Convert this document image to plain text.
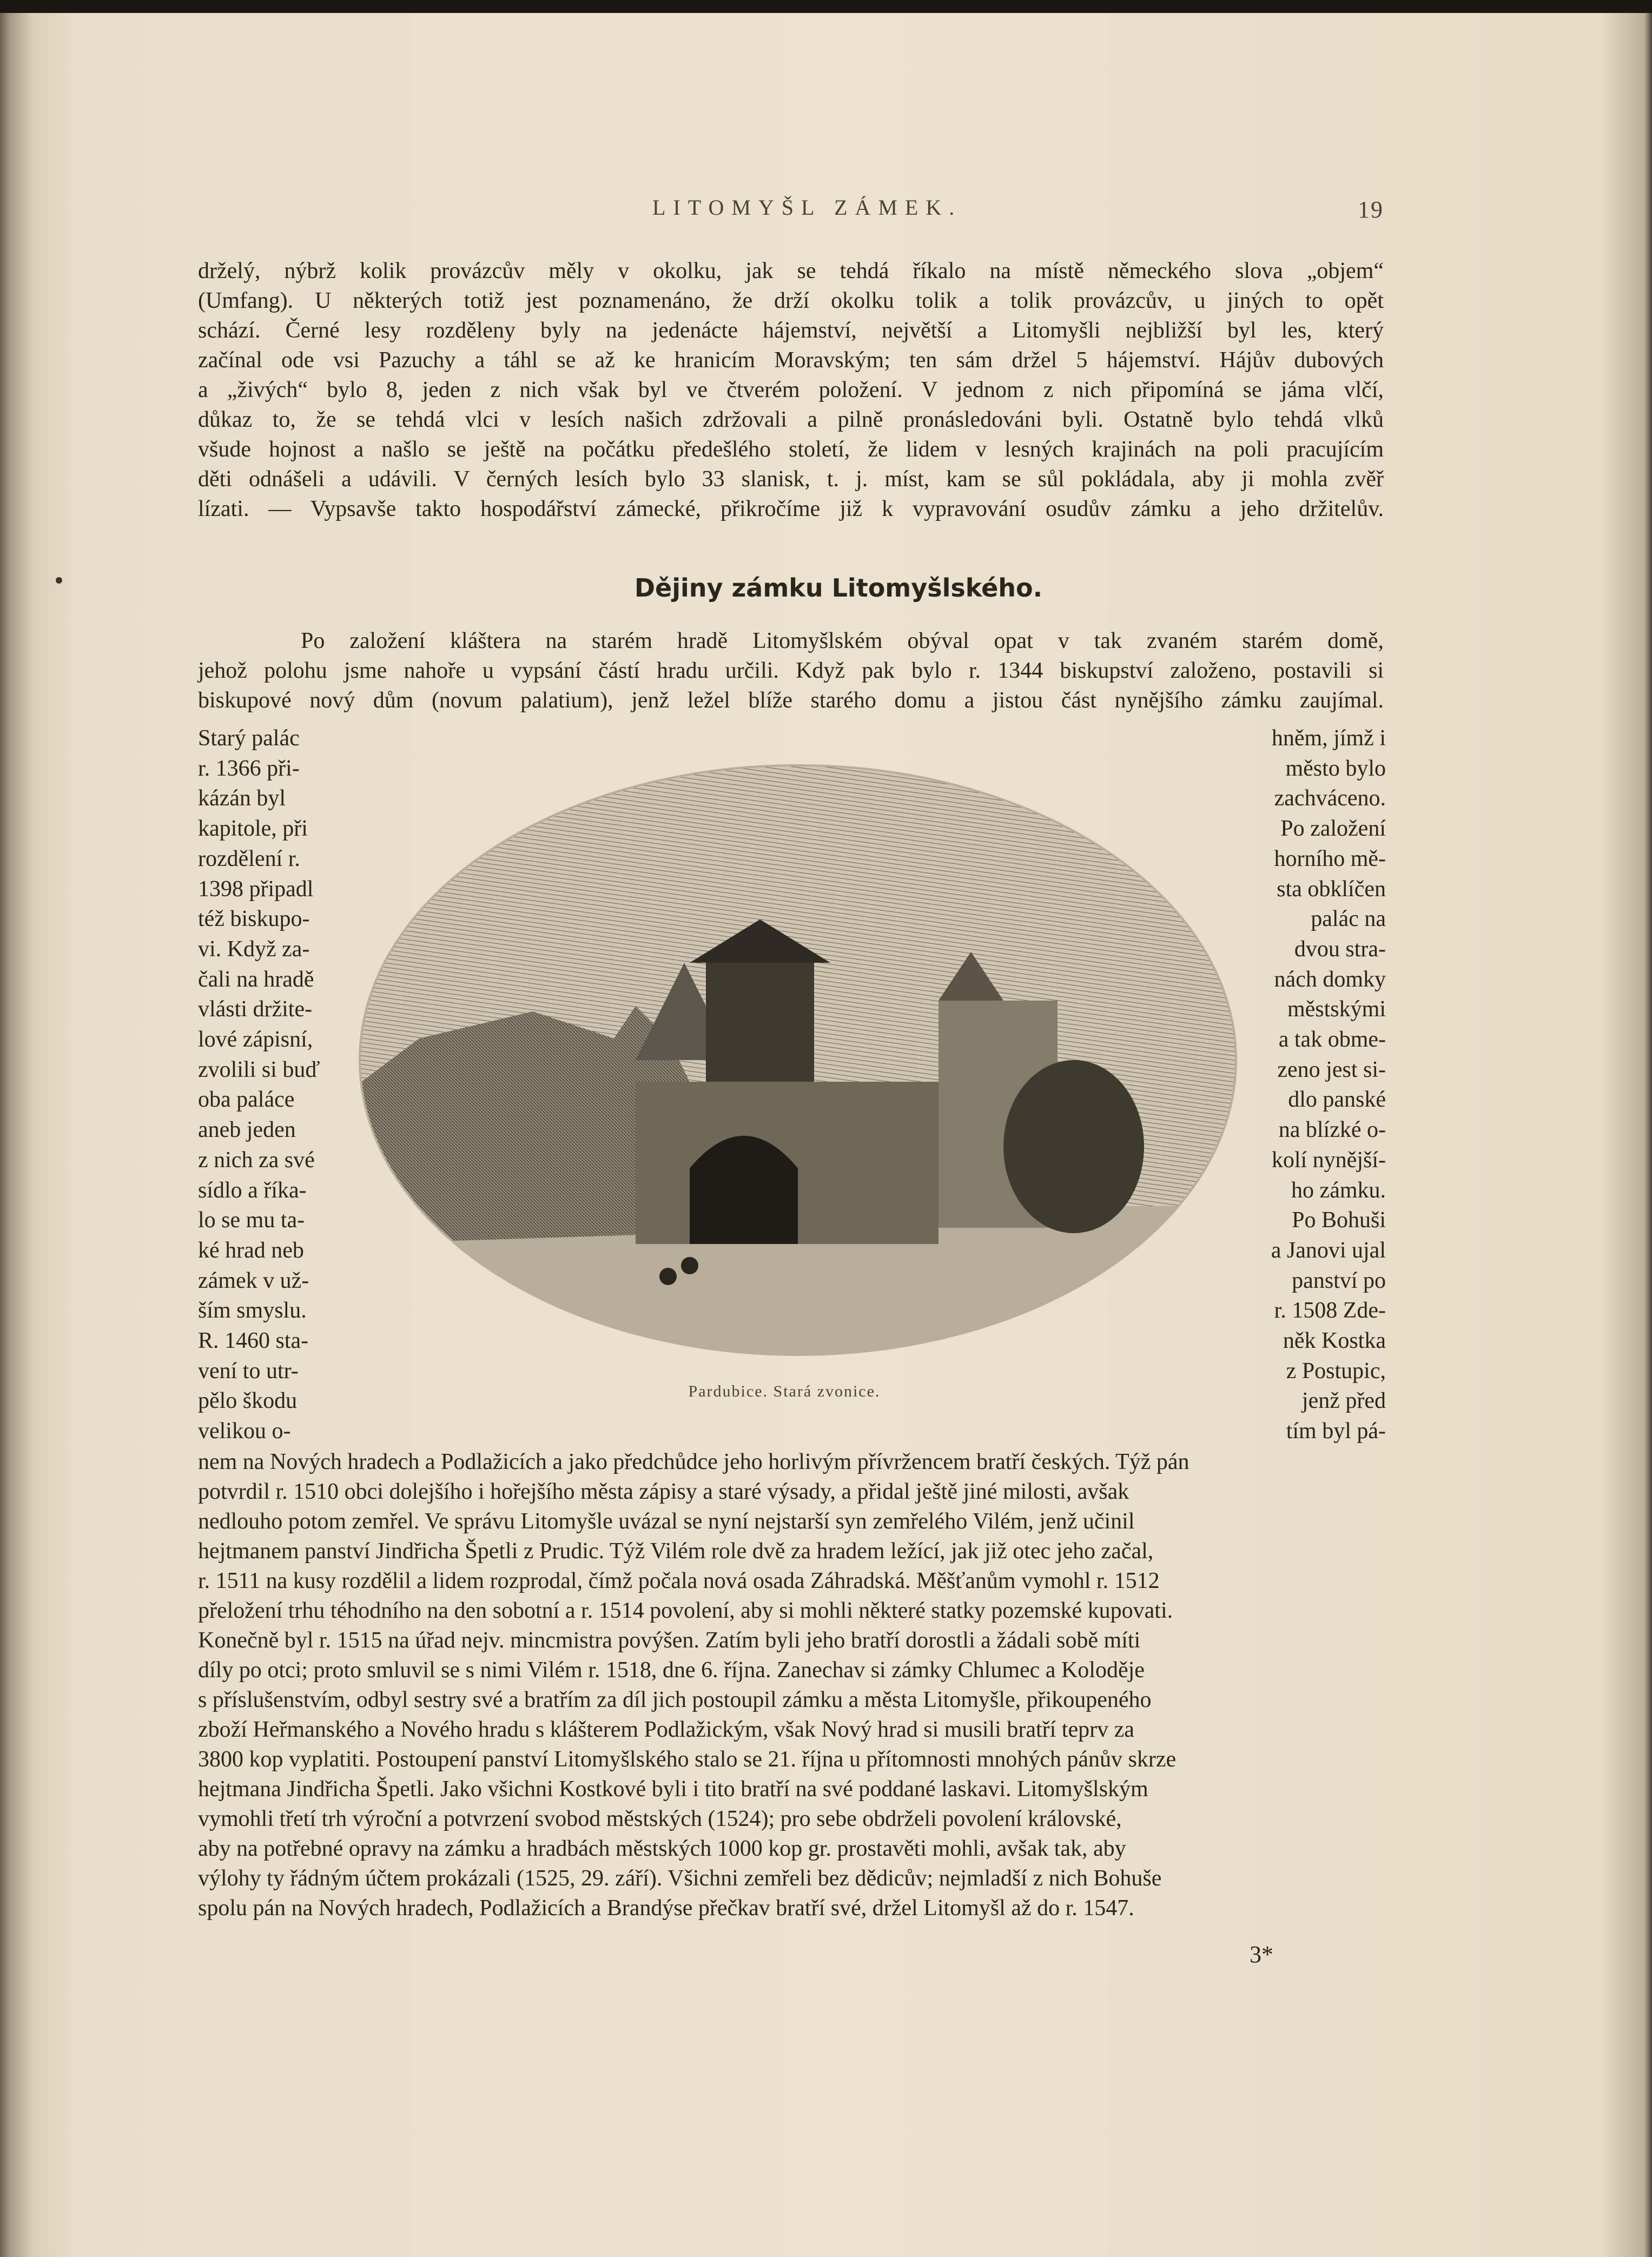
LITOMYŠL ZÁMEK.	19
drželý, nýbrž kolik provázcův měly v okolku, jak se tehdá říkalo na místě německého slova „objem“
(Umfang). U některých totiž jest poznamenáno, že drží okolku tolik a tolik provázcův, u jiných to opět
schází. Černé lesy rozděleny byly na jedenácte hájemství, největší a Litomyšli nejbližší byl les, který
začínal ode vsi Pazuchy a táhl se až ke hranicím Moravským; ten sám držel 5 hájemství. Hájův dubových
a „živých“ bylo 8, jeden z nich však byl ve čtverém položení. V jednom z nich připomíná se jáma vlčí,
důkaz to, že se tehdá vlci v lesích našich zdržovali a pilně pronásledováni byli. Ostatně bylo tehdá vlků
všude hojnost a našlo se ještě na počátku předešlého století, že lidem v lesných krajinách na poli pracujícím
děti odnášeli a udávili. V černých lesích bylo 33 slanisk, t. j. míst, kam se sůl pokládala, aby ji mohla zvěř
lízati. — Vypsavše takto hospodářství zámecké, přikročíme již k vypravování osudův zámku a jeho držitelův.
Dějiny zámku Litomyšlského.
Po založení kláštera na starém hradě Litomyšlském obýval opat v tak zvaném starém domě,
jehož polohu jsme nahoře u vypsání částí hradu určili. Když pak bylo r. 1344 biskupství založeno, postavili si
biskupové nový dům (novum palatium), jenž ležel blíže starého domu a jistou část nynějšího zámku zaujímal.
Starý palác
r. 1366 při-
kázán byl
kapitole, při
rozdělení r.
1398 připadl
též biskupo-
vi. Když za-
čali na hradě
vlásti držite-
lové zápisní,
zvolili si buď
oba paláce
aneb jeden
z nich za své
sídlo a říka-
lo se mu ta-
ké hrad neb
zámek v už-
ším smyslu.
R. 1460 sta-
vení to utr-
pělo škodu
velikou o-
hněm, jímž i
město bylo
zachváceno.
Po založení
horního mě-
sta obklíčen
palác na
dvou stra-
nách domky
městskými
a tak obme-
zeno jest si-
dlo panské
na blízké o-
kolí nynější-
ho zámku.
Po Bohuši
a Janovi ujal
panství po
r. 1508 Zde-
něk Kostka
z Postupic,
jenž před
tím byl pá-
Pardubice. Stará zvonice.
nem na Nových hradech a Podlažicích a jako předchůdce jeho horlivým přívržencem bratří českých. Týž pán
potvrdil r. 1510 obci dolejšího i hořejšího města zápisy a staré výsady, a přidal ještě jiné milosti, avšak
nedlouho potom zemřel. Ve správu Litomyšle uvázal se nyní nejstarší syn zemřelého Vilém, jenž učinil
hejtmanem panství Jindřicha Špetli z Prudic. Týž Vilém role dvě za hradem ležící, jak již otec jeho začal,
r. 1511 na kusy rozdělil a lidem rozprodal, čímž počala nová osada Záhradská. Měšťanům vymohl r. 1512
přeložení trhu téhodního na den sobotní a r. 1514 povolení, aby si mohli některé statky pozemské kupovati.
Konečně byl r. 1515 na úřad nejv. mincmistra povýšen. Zatím byli jeho bratří dorostli a žádali sobě míti
díly po otci; proto smluvil se s nimi Vilém r. 1518, dne 6. října. Zanechav si zámky Chlumec a Koloděje
s příslušenstvím, odbyl sestry své a bratřím za díl jich postoupil zámku a města Litomyšle, přikoupeného
zboží Heřmanského a Nového hradu s klášterem Podlažickým, však Nový hrad si musili bratří teprv za
3800 kop vyplatiti. Postoupení panství Litomyšlského stalo se 21. října u přítomnosti mnohých pánův skrze
hejtmana Jindřicha Špetli. Jako všichni Kostkové byli i tito bratří na své poddané laskavi. Litomyšlským
vymohli třetí trh výroční a potvrzení svobod městských (1524); pro sebe obdrželi povolení královské,
aby na potřebné opravy na zámku a hradbách městských 1000 kop gr. prostavěti mohli, avšak tak, aby
výlohy ty řádným účtem prokázali (1525, 29. září). Všichni zemřeli bez dědicův; nejmladší z nich Bohuše
spolu pán na Nových hradech, Podlažicích a Brandýse přečkav bratří své, držel Litomyšl až do r. 1547.
3*
